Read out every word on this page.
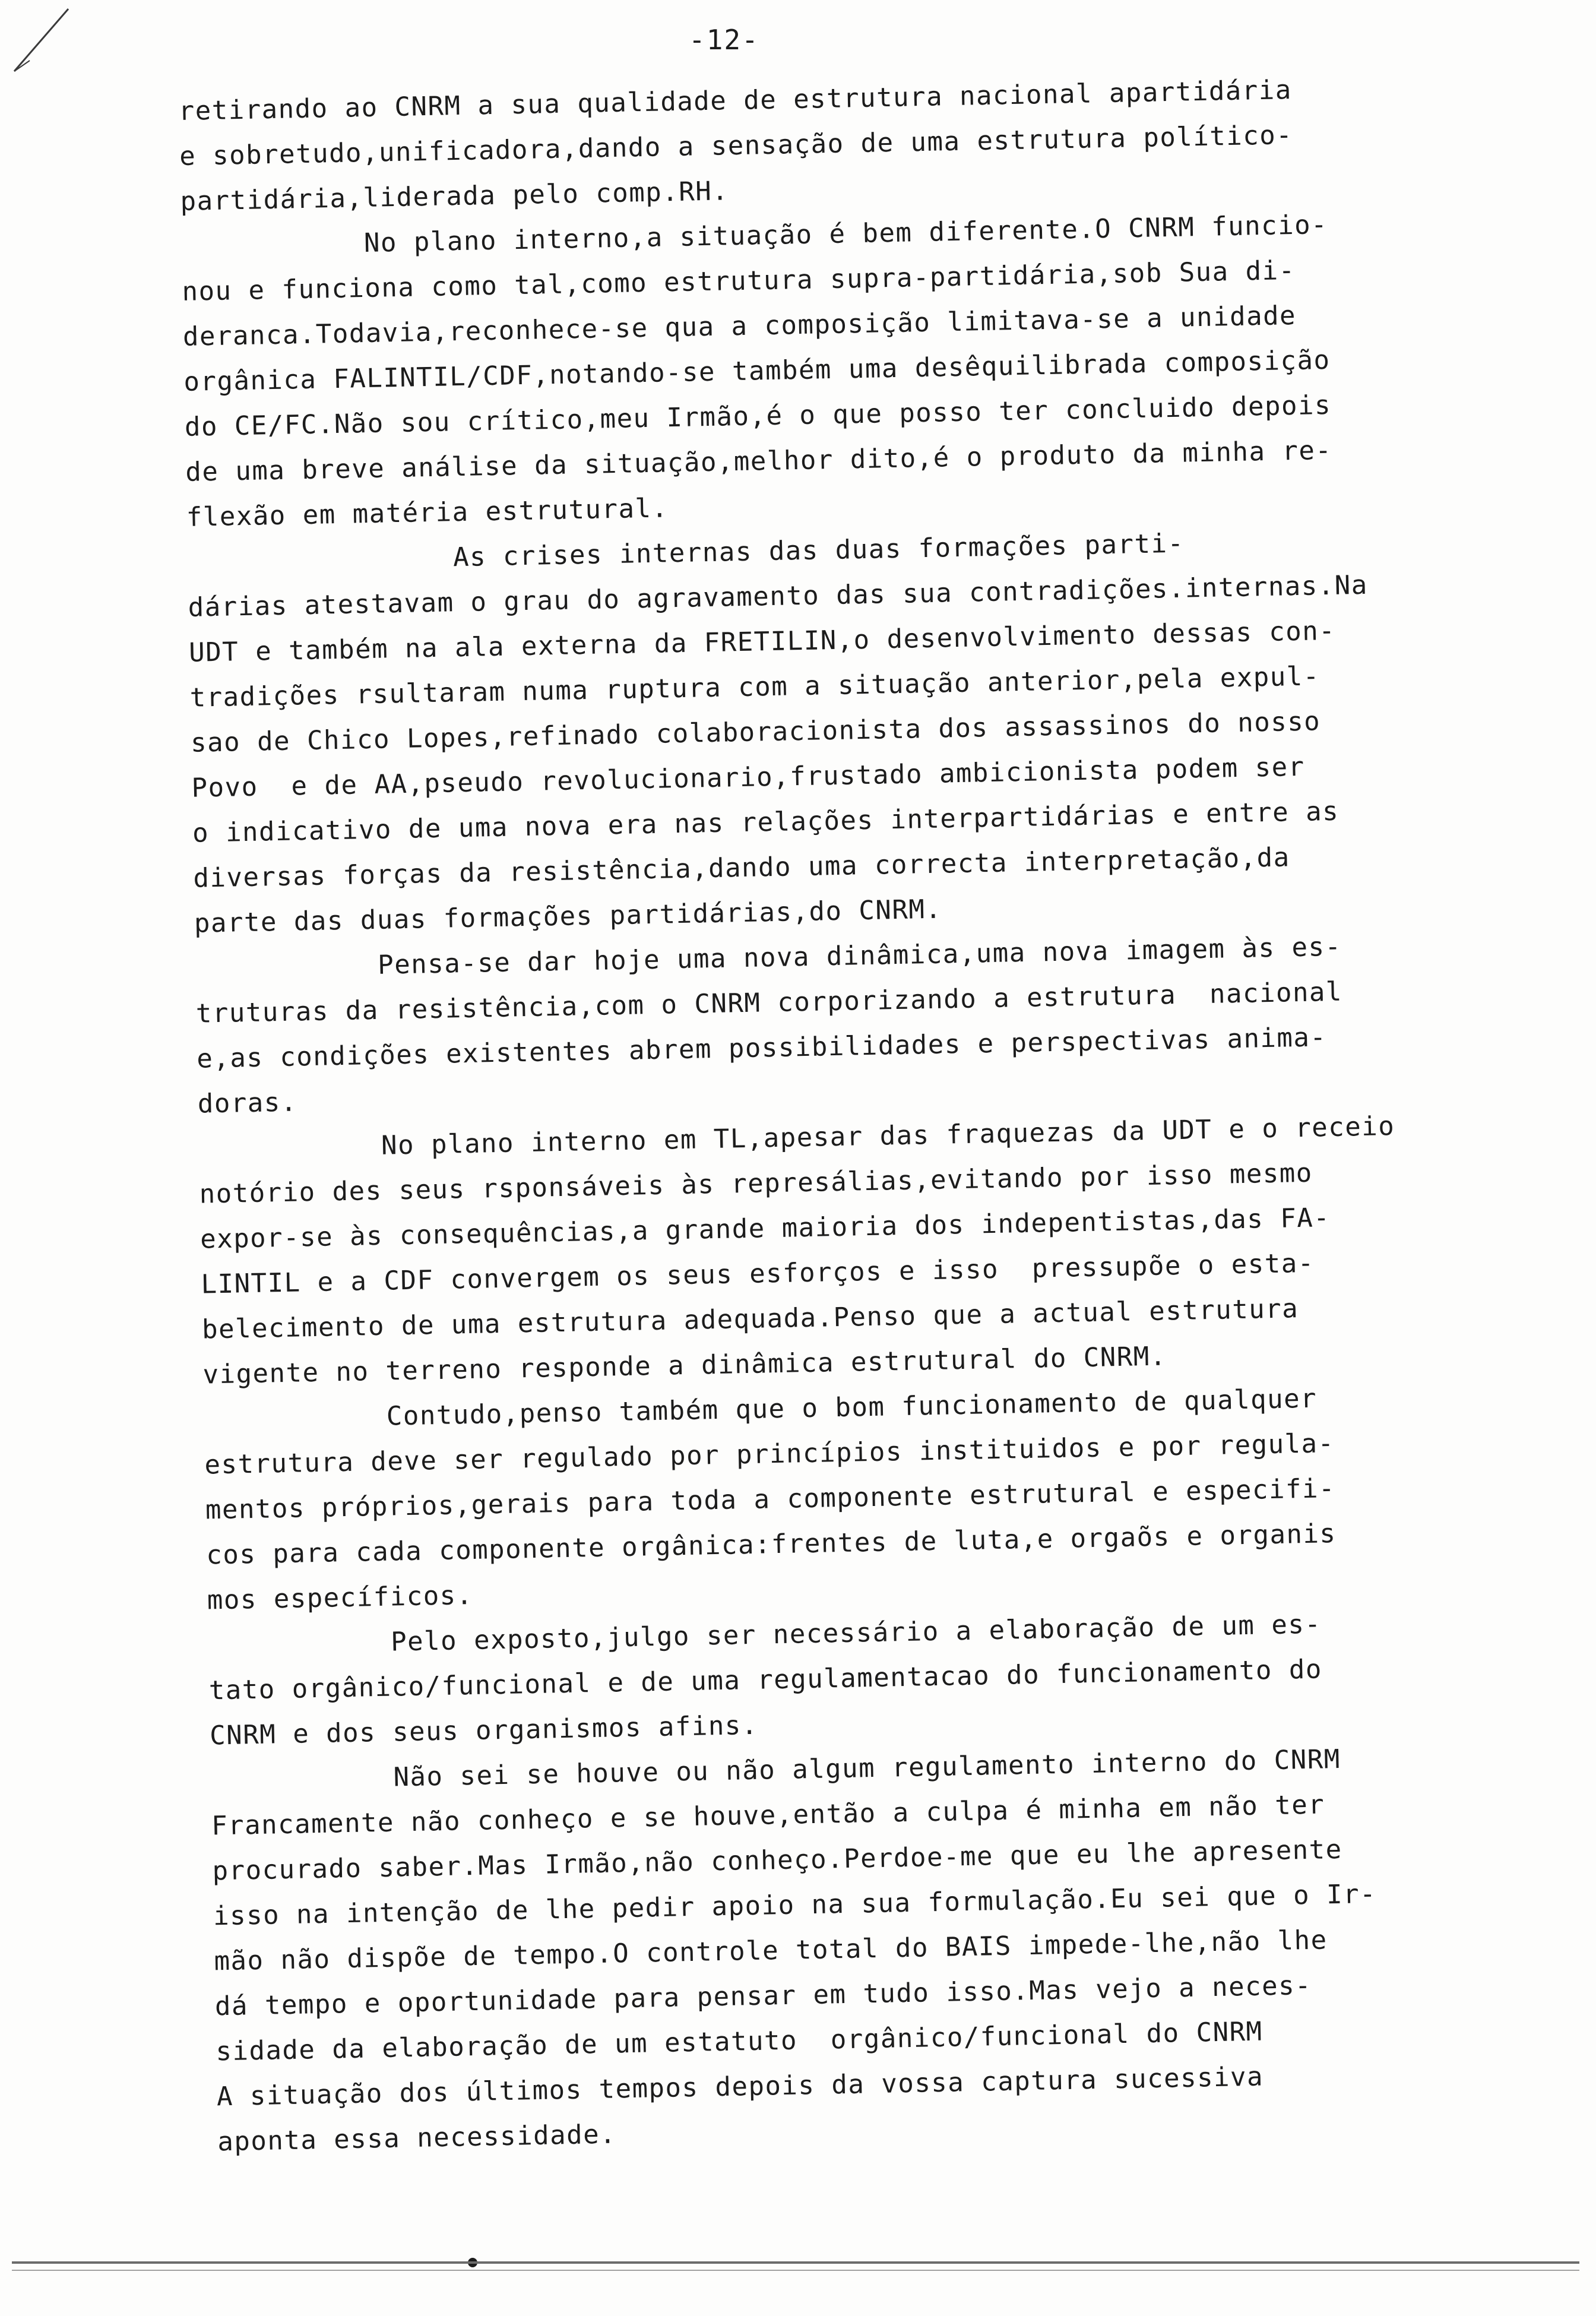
-12-
retirando ao CNRM a sua qualidade de estrutura nacional apartidária
e sobretudo,unificadora,dando a sensação de uma estrutura político-
partidária,liderada pelo comp.RH.
No plano interno,a situação é bem diferente.O CNRM funcio-
nou e funciona como tal,como estrutura supra-partidária,sob Sua di-
deranca.Todavia,reconhece-se qua a composição limitava-se a unidade
orgânica FALINTIL/CDF,notando-se também uma desêquilibrada composição
do CE/FC.Não sou crítico,meu Irmão,é o que posso ter concluido depois
de uma breve análise da situação,melhor dito,é o produto da minha re-
flexão em matéria estrutural.
As crises internas das duas formações parti-
dárias atestavam o grau do agravamento das sua contradições.internas.Na
UDT e também na ala externa da FRETILIN,o desenvolvimento dessas con-
tradições rsultaram numa ruptura com a situação anterior,pela expul-
sao de Chico Lopes,refinado colaboracionista dos assassinos do nosso
Povo  e de AA,pseudo revolucionario,frustado ambicionista podem ser
o indicativo de uma nova era nas relações interpartidárias e entre as
diversas forças da resistência,dando uma correcta interpretação,da
parte das duas formações partidárias,do CNRM.
Pensa-se dar hoje uma nova dinâmica,uma nova imagem às es-
truturas da resistência,com o CNRM corporizando a estrutura  nacional
e,as condições existentes abrem possibilidades e perspectivas anima-
doras.
No plano interno em TL,apesar das fraquezas da UDT e o receio
notório des seus rsponsáveis às represálias,evitando por isso mesmo
expor-se às consequências,a grande maioria dos indepentistas,das FA-
LINTIL e a CDF convergem os seus esforços e isso  pressupõe o esta-
belecimento de uma estrutura adequada.Penso que a actual estrutura
vigente no terreno responde a dinâmica estrutural do CNRM.
Contudo,penso também que o bom funcionamento de qualquer
estrutura deve ser regulado por princípios instituidos e por regula-
mentos próprios,gerais para toda a componente estrutural e especifi-
cos para cada componente orgânica:frentes de luta,e orgaõs e organis
mos específicos.
Pelo exposto,julgo ser necessário a elaboração de um es-
tato orgânico/funcional e de uma regulamentacao do funcionamento do
CNRM e dos seus organismos afins.
Não sei se houve ou não algum regulamento interno do CNRM
Francamente não conheço e se houve,então a culpa é minha em não ter
procurado saber.Mas Irmão,não conheço.Perdoe-me que eu lhe apresente
isso na intenção de lhe pedir apoio na sua formulação.Eu sei que o Ir-
mão não dispõe de tempo.O controle total do BAIS impede-lhe,não lhe
dá tempo e oportunidade para pensar em tudo isso.Mas vejo a neces-
sidade da elaboração de um estatuto  orgânico/funcional do CNRM
A situação dos últimos tempos depois da vossa captura sucessiva
aponta essa necessidade.
